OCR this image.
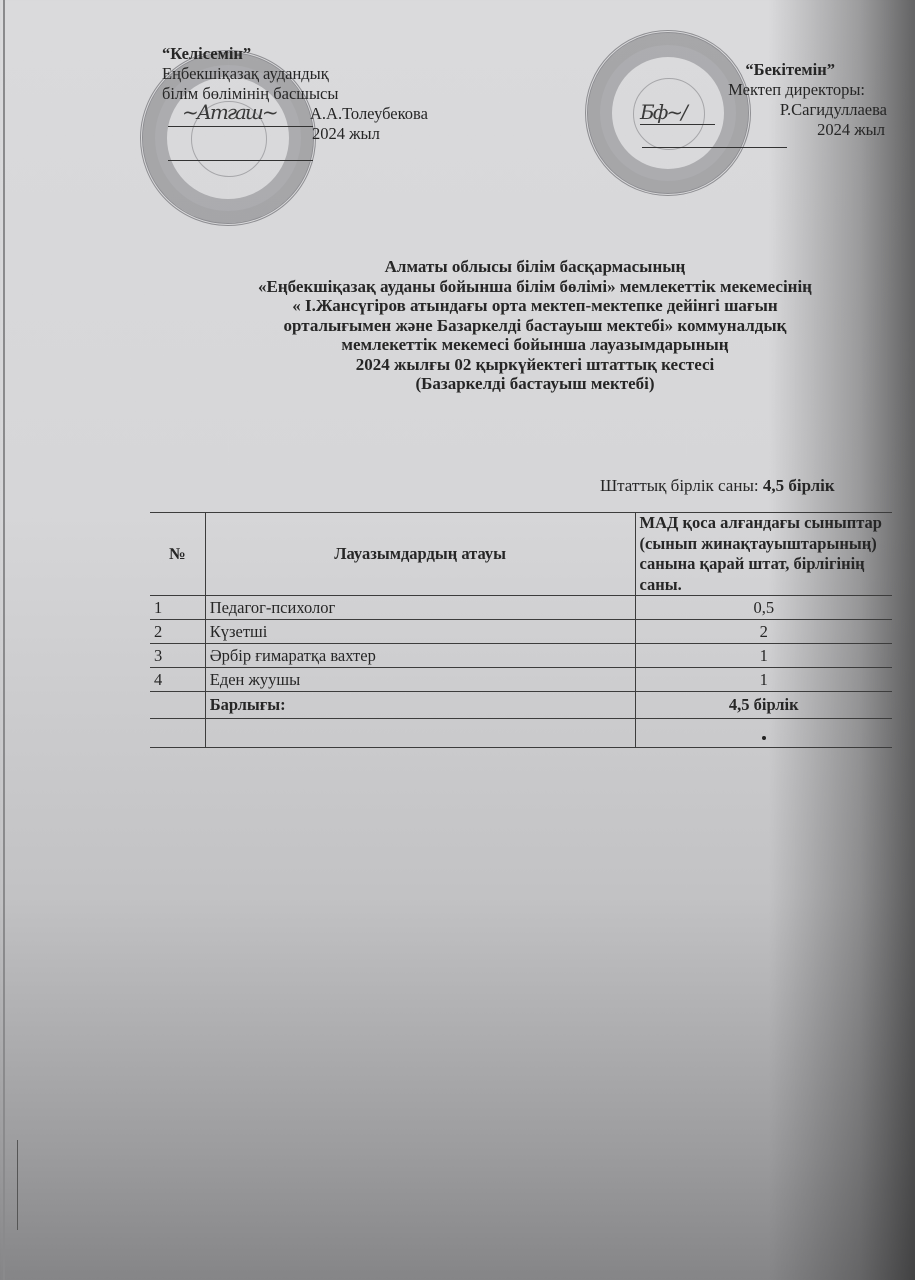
“Келісемін”
Еңбекшіқазақ аудандық
білім бөлімінің басшысы
А.А.Толеубекова
2024 жыл
~Атгаш~
“Бекітемін”
Мектеп директоры:
Р.Сагидуллаева
2024 жыл
Бф~/
Алматы облысы білім басқармасының
«Еңбекшіқазақ ауданы бойынша білім бөлімі» мемлекеттік мекемесінің
« І.Жансүгіров атындағы орта мектеп-мектепке дейінгі шағын
орталығымен және Базаркелді бастауыш мектебі» коммуналдық
мемлекеттік мекемесі бойынша лауазымдарының
2024 жылғы 02 қыркүйектегі штаттық кестесі
(Базаркелді бастауыш мектебі)
Штаттық бірлік саны: 4,5 бірлік
№	Лауазымдардың атауы	МАД қоса алғандағы сыныптар (сынып жинақтауыштарының) санына қарай штат, бірлігінің саны.
1	Педагог-психолог	0,5
2	Күзетші	2
3	Әрбір ғимаратқа вахтер	1
4	Еден жуушы	1
	Барлығы:	4,5 бірлік
